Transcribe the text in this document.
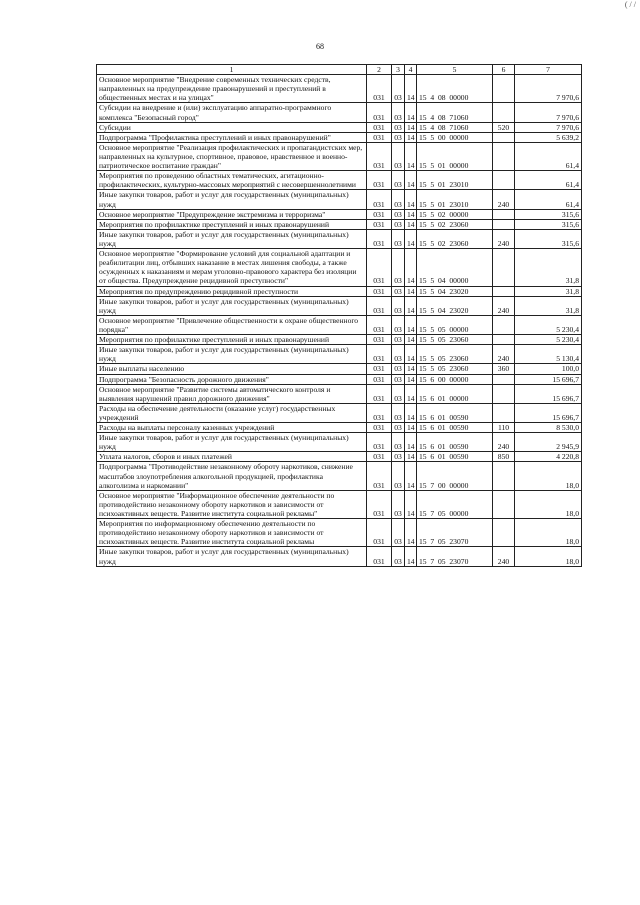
( / /
68
1	2	3	4	5	6	7
Основное мероприятие "Внедрение современных технических средств, направленных на предупреждение правонарушений и преступлений в общественных местах и на улицах"	031	03	14	15  4  08  00000		7 970,6
Субсидии на внедрение и (или) эксплуатацию аппаратно-программного комплекса "Безопасный город"	031	03	14	15  4  08  71060		7 970,6
Субсидии	031	03	14	15  4  08  71060	520	7 970,6
Подпрограмма "Профилактика преступлений и иных правонарушений"	031	03	14	15  5  00  00000		5 639,2
Основное мероприятие "Реализация профилактических и пропагандистских мер, направленных на культурное, спортивное, правовое, нравственное и военно-патриотическое воспитание граждан"	031	03	14	15  5  01  00000		61,4
Мероприятия по проведению областных тематических, агитационно-профилактических, культурно-массовых мероприятий с несовершеннолетними	031	03	14	15  5  01  23010		61,4
Иные закупки товаров, работ и услуг для государственных (муниципальных) нужд	031	03	14	15  5  01  23010	240	61,4
Основное мероприятие "Предупреждение экстремизма и терроризма"	031	03	14	15  5  02  00000		315,6
Мероприятия по профилактике преступлений и иных правонарушений	031	03	14	15  5  02  23060		315,6
Иные закупки товаров, работ и услуг для государственных (муниципальных) нужд	031	03	14	15  5  02  23060	240	315,6
Основное мероприятие "Формирование условий для социальной адаптации и реабилитации лиц, отбывших наказание в местах лишения свободы, а также осужденных к наказаниям и мерам уголовно-правового характера без изоляции от общества. Предупреждение рецидивной преступности"	031	03	14	15  5  04  00000		31,8
Мероприятия по предупреждению рецидивной преступности	031	03	14	15  5  04  23020		31,8
Иные закупки товаров, работ и услуг для государственных (муниципальных) нужд	031	03	14	15  5  04  23020	240	31,8
Основное мероприятие "Привлечение общественности к охране общественного порядка"	031	03	14	15  5  05  00000		5 230,4
Мероприятия по профилактике преступлений и иных правонарушений	031	03	14	15  5  05  23060		5 230,4
Иные закупки товаров, работ и услуг для государственных (муниципальных) нужд	031	03	14	15  5  05  23060	240	5 130,4
Иные выплаты населению	031	03	14	15  5  05  23060	360	100,0
Подпрограмма "Безопасность дорожного движения"	031	03	14	15  6  00  00000		15 696,7
Основное мероприятие "Развитие системы автоматического контроля и выявления нарушений правил дорожного движения"	031	03	14	15  6  01  00000		15 696,7
Расходы на обеспечение деятельности (оказание услуг) государственных учреждений	031	03	14	15  6  01  00590		15 696,7
Расходы на выплаты персоналу казенных учреждений	031	03	14	15  6  01  00590	110	8 530,0
Иные закупки товаров, работ и услуг для государственных (муниципальных) нужд	031	03	14	15  6  01  00590	240	2 945,9
Уплата налогов, сборов и иных платежей	031	03	14	15  6  01  00590	850	4 220,8
Подпрограмма "Противодействие незаконному обороту наркотиков, снижение масштабов злоупотребления алкогольной продукцией, профилактика алкоголизма и наркомании"	031	03	14	15  7  00  00000		18,0
Основное мероприятие "Информационное обеспечение деятельности по противодействию незаконному обороту наркотиков и зависимости от психоактивных веществ. Развитие института социальной рекламы"	031	03	14	15  7  05  00000		18,0
Мероприятия по информационному обеспечению деятельности по противодействию незаконному обороту наркотиков и зависимости от психоактивных веществ. Развитие института социальной рекламы	031	03	14	15  7  05  23070		18,0
Иные закупки товаров, работ и услуг для государственных (муниципальных) нужд	031	03	14	15  7  05  23070	240	18,0
